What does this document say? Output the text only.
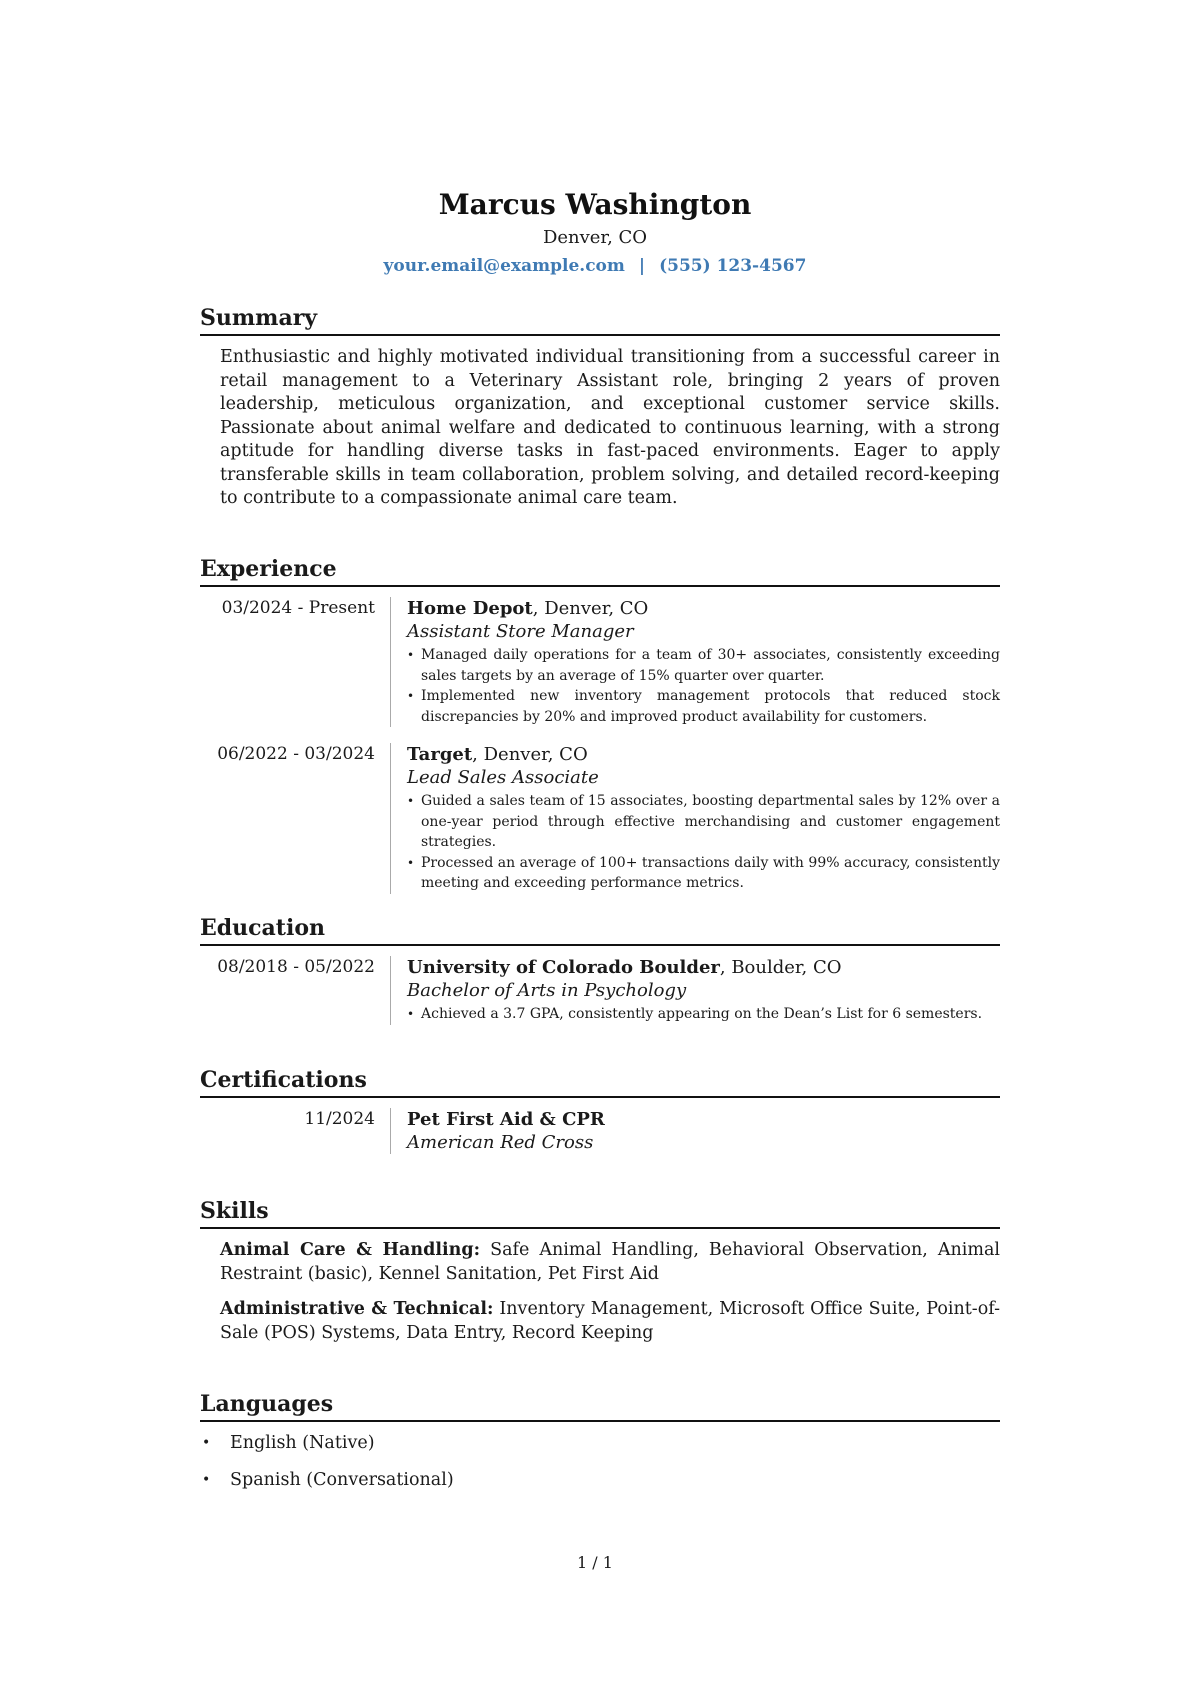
Marcus Washington
Denver, CO
your.email@example.com | (555) 123-4567
Summary
Enthusiastic and highly motivated individual transitioning from a successful career in retail management to a Veterinary Assistant role, bringing 2 years of proven leadership, meticulous organization, and exceptional customer service skills. Passionate about animal welfare and dedicated to continuous learning, with a strong aptitude for handling diverse tasks in fast-paced environments. Eager to apply transferable skills in team collaboration, problem solving, and detailed record-keeping to contribute to a compassionate animal care team.
Experience
03/2024 - Present	Home Depot, Denver, CO
Assistant Store Manager
• Managed daily operations for a team of 30+ associates, consistently exceeding sales targets by an average of 15% quarter over quarter.
• Implemented new inventory management protocols that reduced stock discrepancies by 20% and improved product availability for customers.
06/2022 - 03/2024	Target, Denver, CO
Lead Sales Associate
• Guided a sales team of 15 associates, boosting departmental sales by 12% over a one-year period through effective merchandising and customer engagement strategies.
• Processed an average of 100+ transactions daily with 99% accuracy, consistently meeting and exceeding performance metrics.
Education
08/2018 - 05/2022	University of Colorado Boulder, Boulder, CO
Bachelor of Arts in Psychology
• Achieved a 3.7 GPA, consistently appearing on the Dean’s List for 6 semesters.
Certifications
11/2024	Pet First Aid & CPR
American Red Cross
Skills
Animal Care & Handling: Safe Animal Handling, Behavioral Observation, Animal Restraint (basic), Kennel Sanitation, Pet First Aid
Administrative & Technical: Inventory Management, Microsoft Office Suite, Point-of-Sale (POS) Systems, Data Entry, Record Keeping
Languages
• English (Native)
• Spanish (Conversational)
1 / 1
